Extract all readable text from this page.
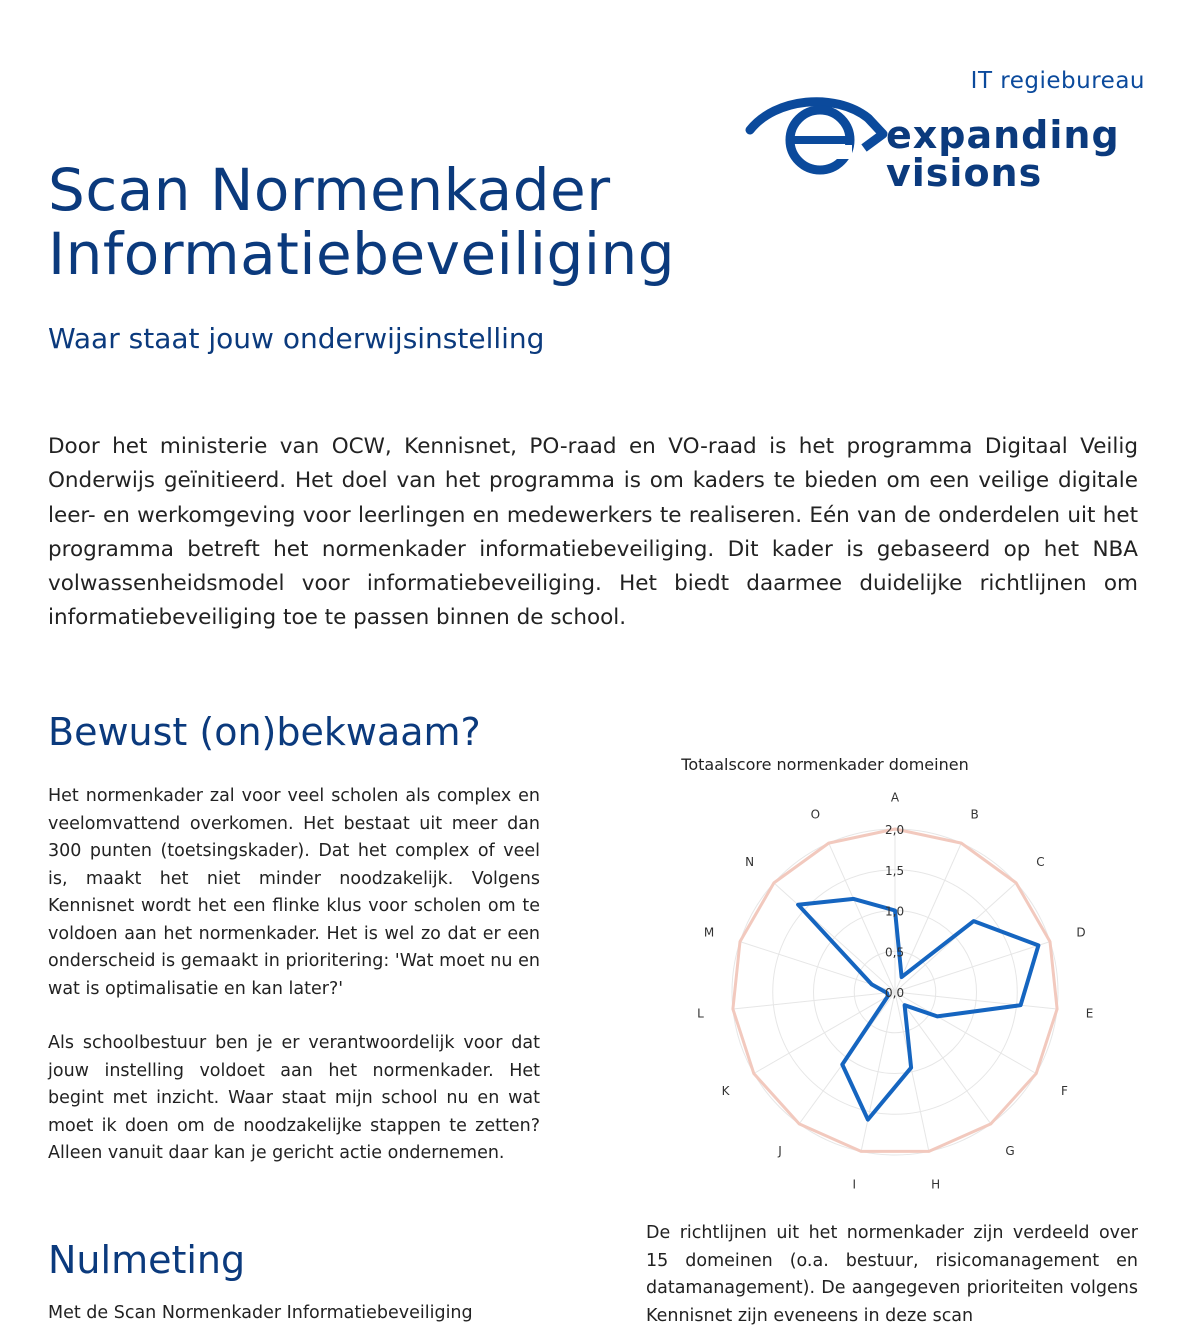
IT regiebureau
expanding
visions
Scan Normenkader
Informatiebeveiliging
Waar staat jouw onderwijsinstelling

Door het ministerie van OCW, Kennisnet, PO-raad en VO-raad is het programma Digitaal Veilig Onderwijs geïnitieerd. Het doel van het programma is om kaders te bieden om een veilige digitale leer- en werkomgeving voor leerlingen en medewerkers te realiseren. Eén van de onderdelen uit het programma betreft het normenkader informatiebeveiliging. Dit kader is gebaseerd op het NBA volwassenheidsmodel voor informatiebeveiliging. Het biedt daarmee duidelijke richtlijnen om informatiebeveiliging toe te passen binnen de school.

Bewust (on)bekwaam?

Het normenkader zal voor veel scholen als complex en veelomvattend overkomen. Het bestaat uit meer dan 300 punten (toetsingskader). Dat het complex of veel is, maakt het niet minder noodzakelijk. Volgens Kennisnet wordt het een flinke klus voor scholen om te voldoen aan het normenkader. Het is wel zo dat er een onderscheid is gemaakt in prioritering: 'Wat moet nu en wat is optimalisatie en kan later?'

Als schoolbestuur ben je er verantwoordelijk voor dat jouw instelling voldoet aan het normenkader. Het begint met inzicht. Waar staat mijn school nu en wat moet ik doen om de noodzakelijke stappen te zetten? Alleen vanuit daar kan je gericht actie ondernemen.

Nulmeting

Met de Scan Normenkader Informatiebeveiliging

Totaalscore normenkader domeinen
0,0
0,5
1,0
1,5
2,0
A
B
C
D
E
F
G
H
I
J
K
L
M
N
O

De richtlijnen uit het normenkader zijn verdeeld over 15 domeinen (o.a. bestuur, risicomanagement en datamanagement). De aangegeven prioriteiten volgens Kennisnet zijn eveneens in deze scan
